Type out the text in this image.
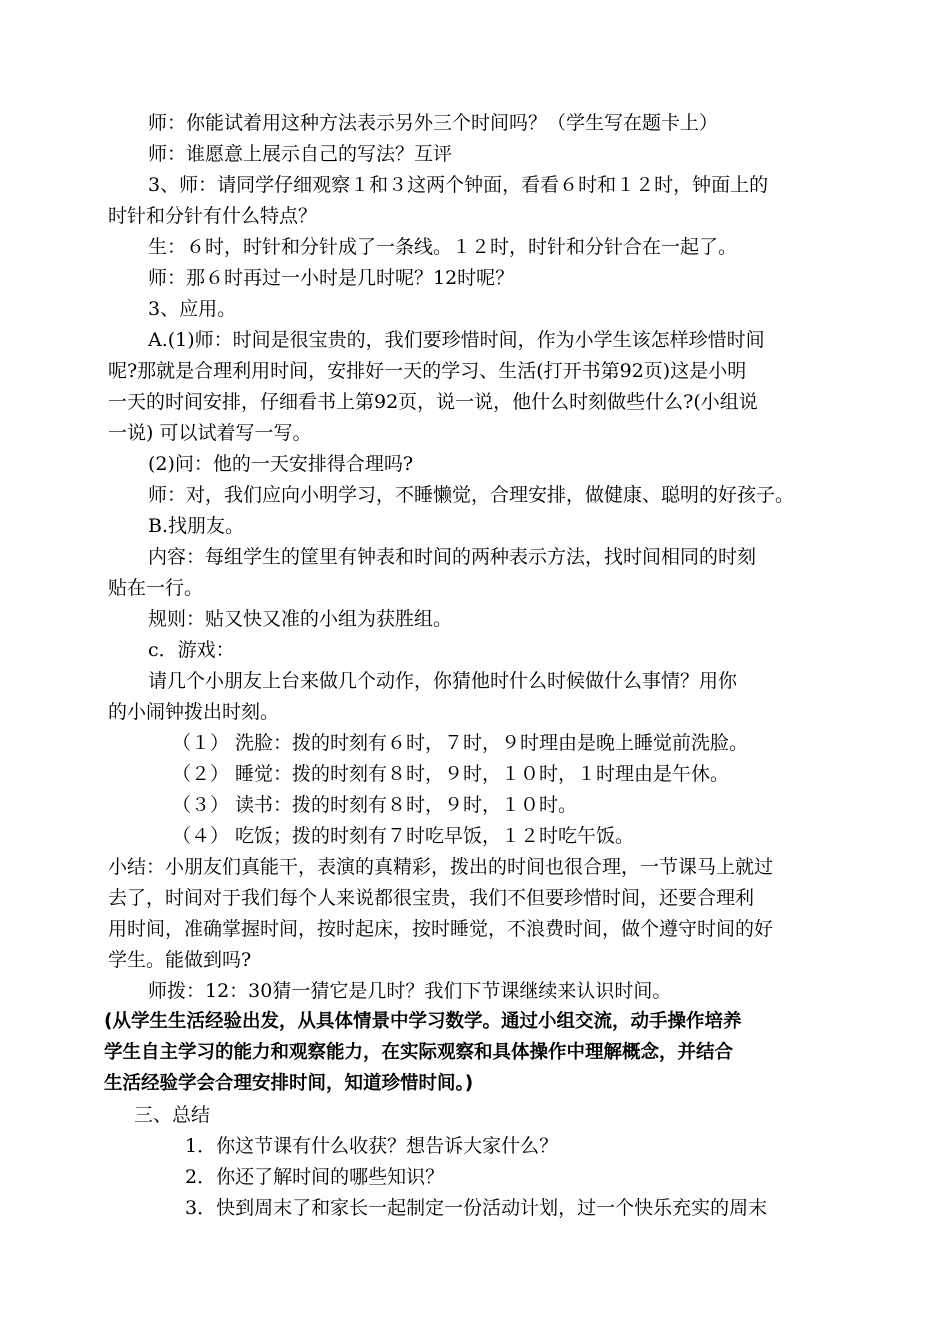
师：你能试着用这种方法表示另外三个时间吗？（学生写在题卡上）
师：谁愿意上展示自己的写法？互评
3、师：请同学仔细观察１和３这两个钟面，看看６时和１２时，钟面上的
时针和分针有什么特点？
生：６时，时针和分针成了一条线。１２时，时针和分针合在一起了。
师：那６时再过一小时是几时呢？12时呢？
3、应用。
A.(1)师：时间是很宝贵的，我们要珍惜时间，作为小学生该怎样珍惜时间
呢?那就是合理利用时间，安排好一天的学习、生活(打开书第92页)这是小明
一天的时间安排，仔细看书上第92页，说一说，他什么时刻做些什么?(小组说
一说) 可以试着写一写。
(2)问：他的一天安排得合理吗?
师：对，我们应向小明学习，不睡懒觉，合理安排，做健康、聪明的好孩子。
B.找朋友。
内容：每组学生的筐里有钟表和时间的两种表示方法，找时间相同的时刻
贴在一行。
规则：贴又快又准的小组为获胜组。
c．游戏：
请几个小朋友上台来做几个动作，你猜他时什么时候做什么事情？用你
的小闹钟拨出时刻。
（１） 洗脸：拨的时刻有６时，７时，９时理由是晚上睡觉前洗脸。
（２） 睡觉：拨的时刻有８时，９时，１０时，１时理由是午休。
（３） 读书：拨的时刻有８时，９时，１０时。
（４） 吃饭；拨的时刻有７时吃早饭，１２时吃午饭。
小结：小朋友们真能干，表演的真精彩，拨出的时间也很合理，一节课马上就过
去了，时间对于我们每个人来说都很宝贵，我们不但要珍惜时间，还要合理利
用时间，准确掌握时间，按时起床，按时睡觉，不浪费时间，做个遵守时间的好
学生。能做到吗?
师拨：12：30猜一猜它是几时？我们下节课继续来认识时间。
(从学生生活经验出发，从具体情景中学习数学。通过小组交流，动手操作培养
学生自主学习的能力和观察能力，在实际观察和具体操作中理解概念，并结合
生活经验学会合理安排时间，知道珍惜时间。)
三、总结
1．你这节课有什么收获？想告诉大家什么？
2．你还了解时间的哪些知识？
3．快到周末了和家长一起制定一份活动计划，过一个快乐充实的周末
